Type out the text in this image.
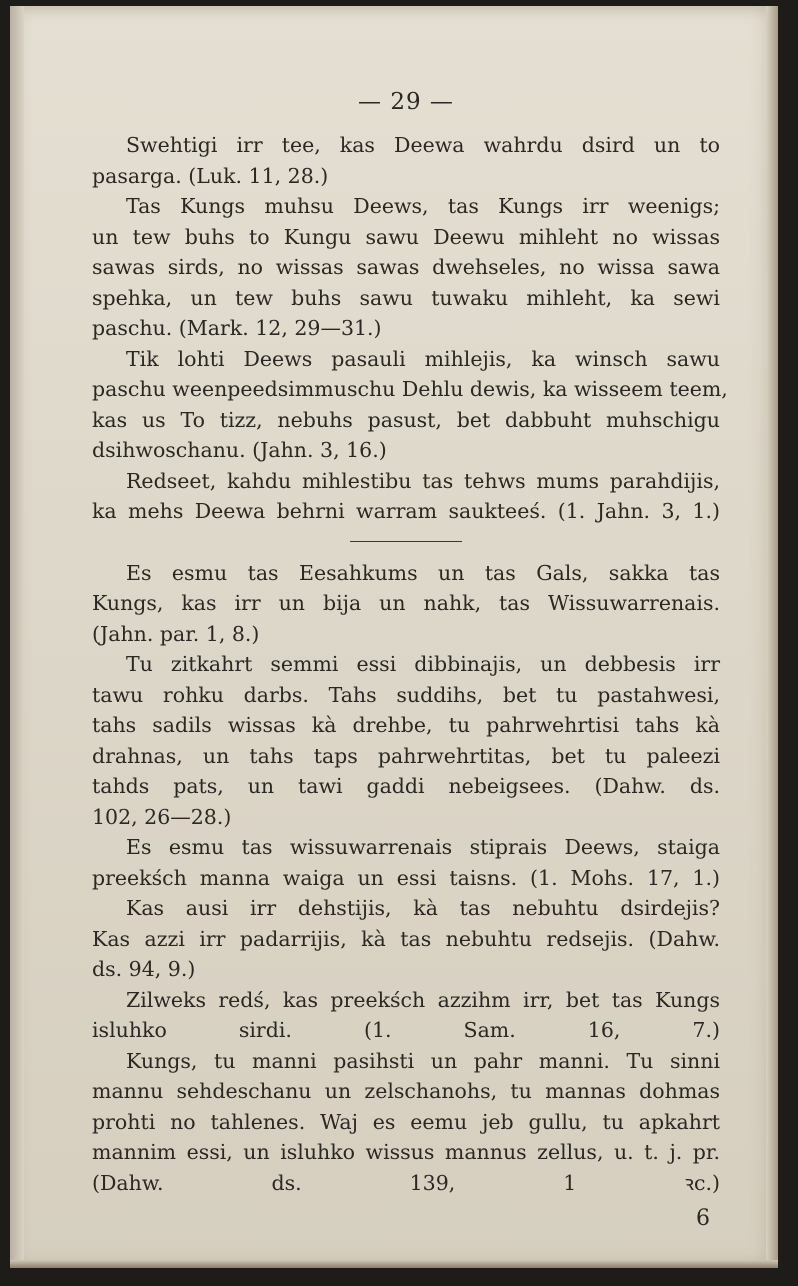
— 29 —
Swehtigi irr tee, kas Deewa wahrdu dsird un to
pasarga. (Luk. 11, 28.)
Tas Kungs muhsu Deews, tas Kungs irr weenigs;
un tew buhs to Kungu sawu Deewu mihleht no wissas
sawas sirds, no wissas sawas dwehseles, no wissa sawa
spehka, un tew buhs sawu tuwaku mihleht, ka sewi
paschu. (Mark. 12, 29—31.)
Tik lohti Deews pasauli mihlejis, ka winsch sawu
paschu weenpeedsimmuschu Dehlu dewis, ka wisseem teem,
kas us To tizz, nebuhs pasust, bet dabbuht muhschigu
dsihwoschanu. (Jahn. 3, 16.)
Redseet, kahdu mihlestibu tas tehws mums parahdijis,
ka mehs Deewa behrni warram saukteeś. (1. Jahn. 3, 1.)
Es esmu tas Eesahkums un tas Gals, sakka tas
Kungs, kas irr un bija un nahk, tas Wissuwarrenais.
(Jahn. par. 1, 8.)
Tu zitkahrt semmi essi dibbinajis, un debbesis irr
tawu rohku darbs. Tahs suddihs, bet tu pastahwesi,
tahs sadils wissas kà drehbe, tu pahrwehrtisi tahs kà
drahnas, un tahs taps pahrwehrtitas, bet tu paleezi
tahds pats, un tawi gaddi nebeigsees. (Dahw. ds.
102, 26—28.)
Es esmu tas wissuwarrenais stiprais Deews, staiga
preekśch manna waiga un essi taisns. (1. Mohs. 17, 1.)
Kas ausi irr dehstijis, kà tas nebuhtu dsirdejis?
Kas azzi irr padarrijis, kà tas nebuhtu redsejis. (Dahw.
ds. 94, 9.)
Zilweks redś, kas preekśch azzihm irr, bet tas Kungs
isluhko sirdi. (1. Sam. 16, 7.)
Kungs, tu manni pasihsti un pahr manni. Tu sinni
mannu sehdeschanu un zelschanohs, tu mannas dohmas
prohti no tahlenes. Waj es eemu jeb gullu, tu apkahrt
mannim essi, un isluhko wissus mannus zellus, u. t. j. pr.
(Dahw. ds. 139, 1 ꝛc.)
6
